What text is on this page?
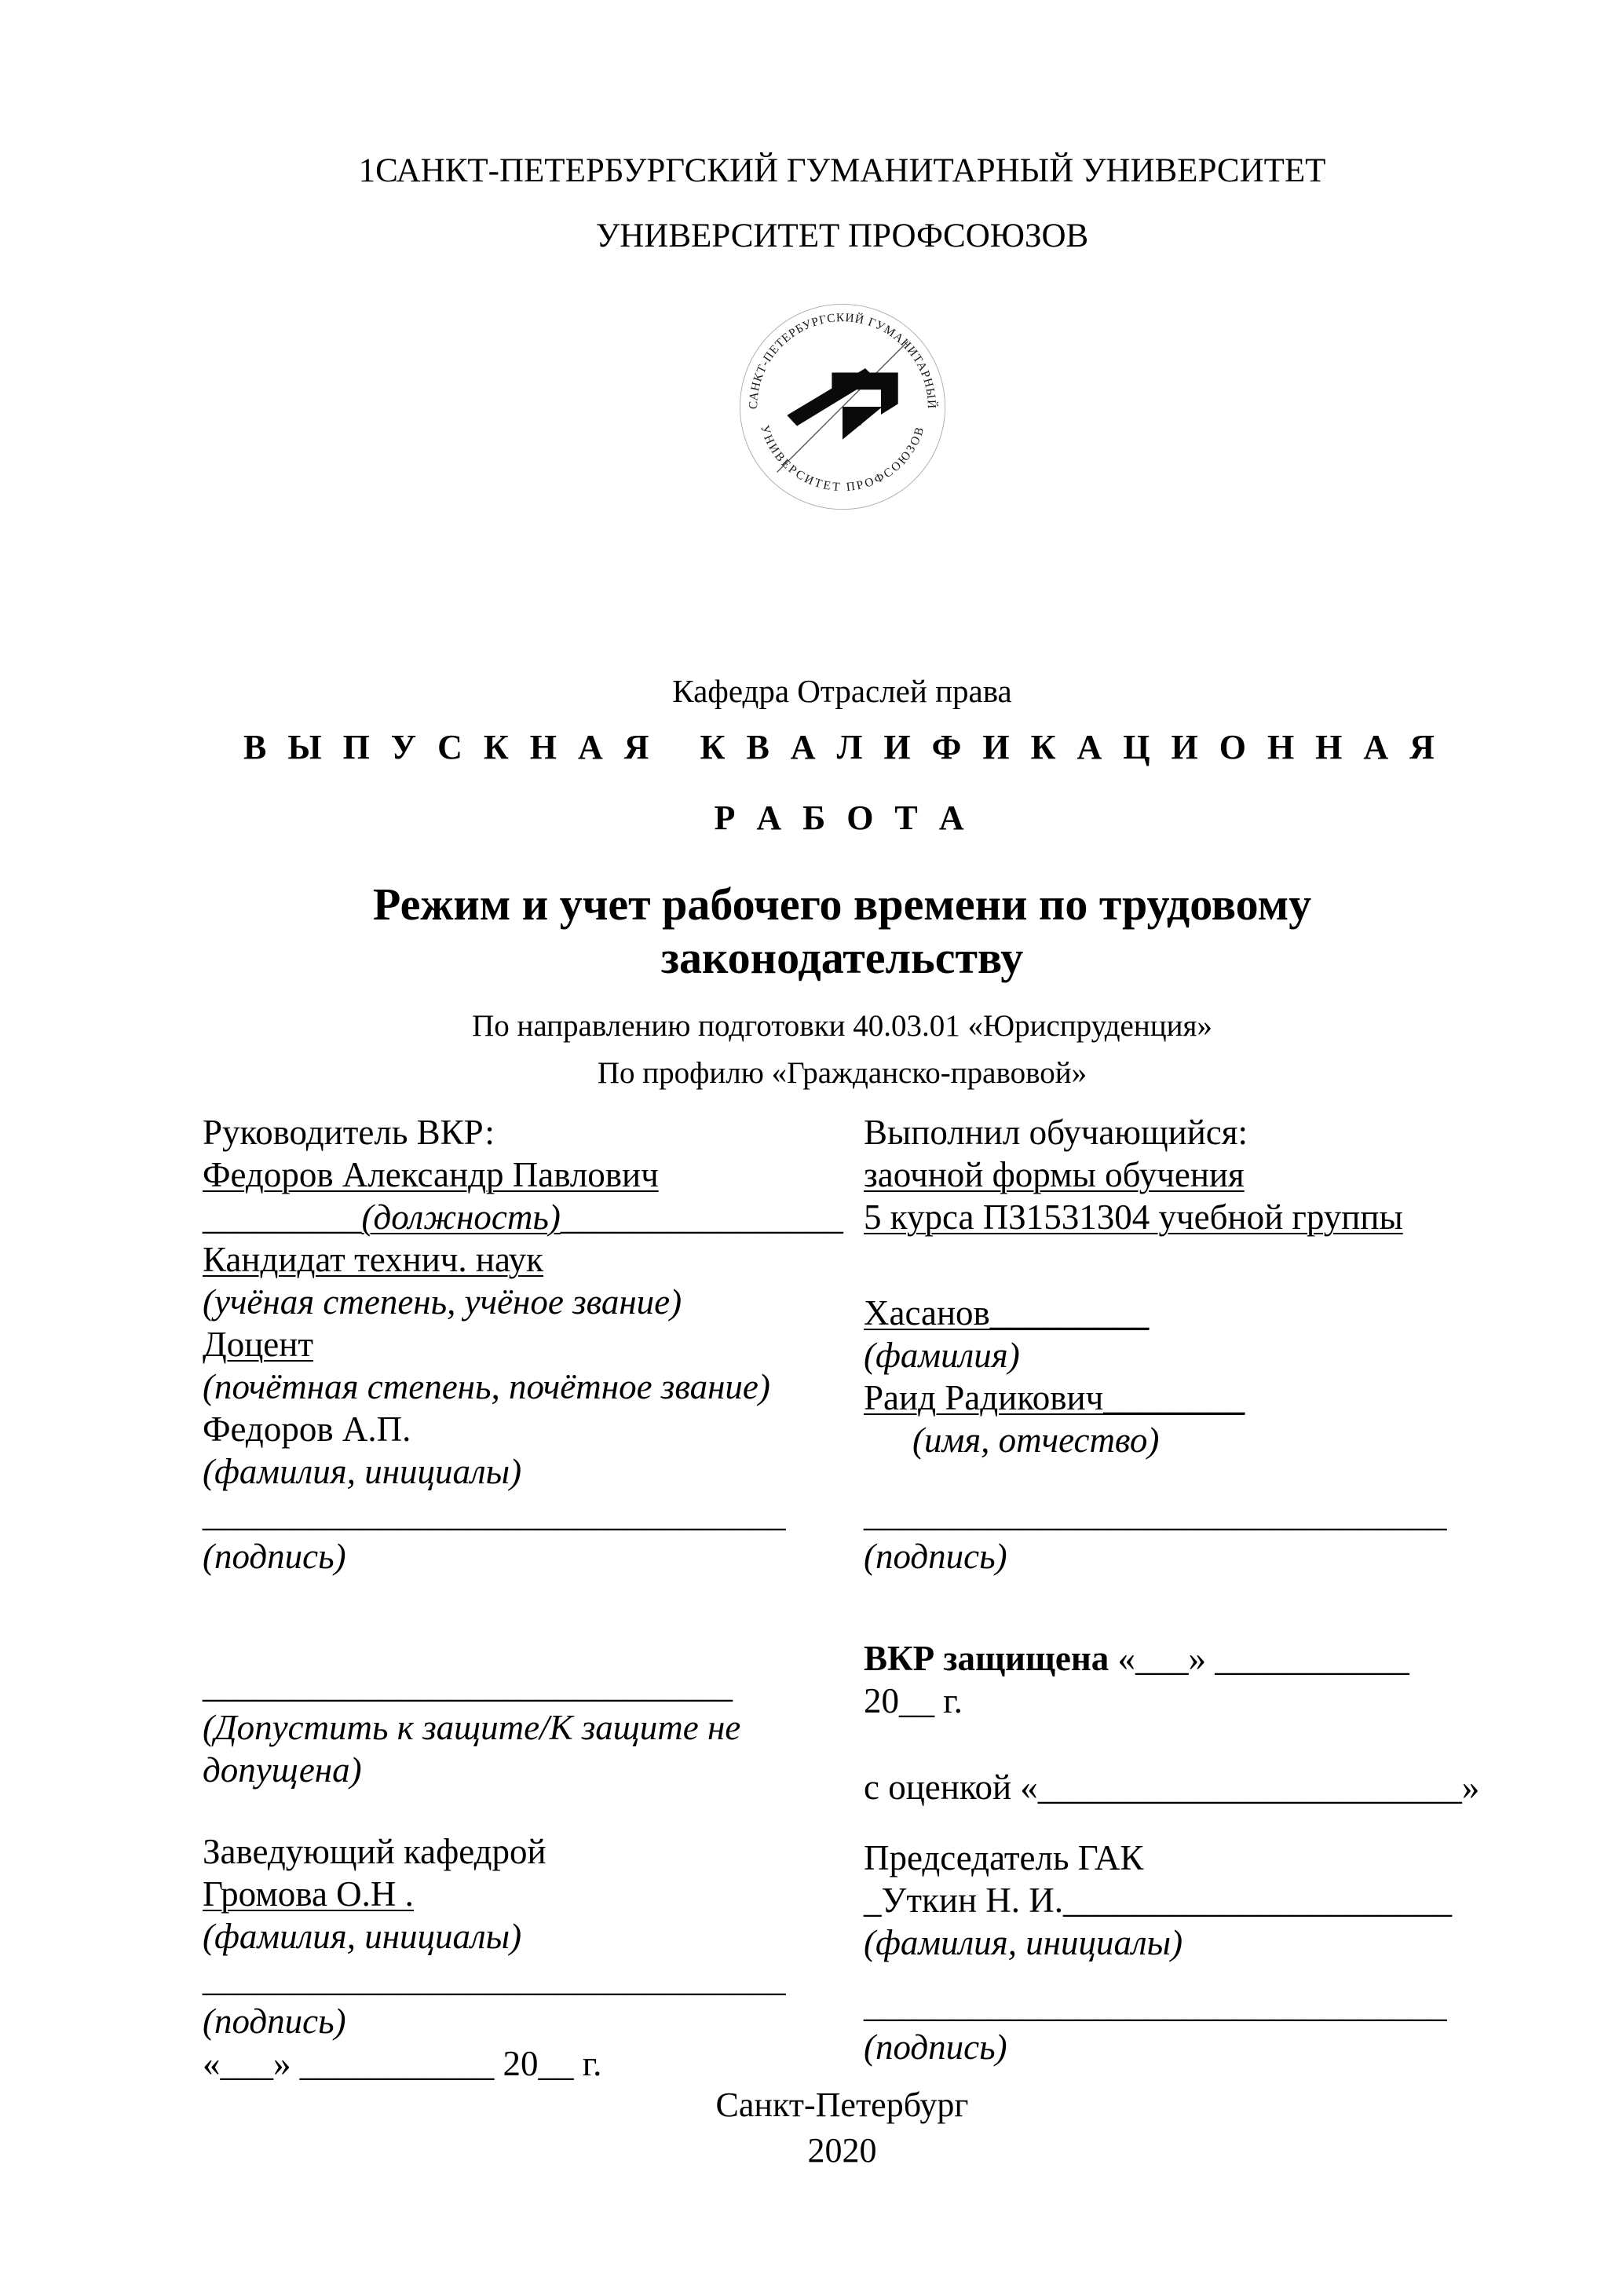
1САНКТ-ПЕТЕРБУРГСКИЙ ГУМАНИТАРНЫЙ УНИВЕРСИТЕТ
УНИВЕРСИТЕТ ПРОФСОЮЗОВ
САНКТ-ПЕТЕРБУРГСКИЙ ГУМАНИТАРНЫЙ
УНИВЕРСИТЕТ ПРОФСОЮЗОВ
Кафедра Отраслей права
В Ы П У С К Н А Я   К В А Л И Ф И К А Ц И О Н Н А Я
Р А Б О Т А
Режим и учет рабочего времени по трудовому
законодательству
По направлению подготовки 40.03.01 «Юриспруденция»
По профилю «Гражданско-правовой»

Руководитель ВКР:

Федоров Александр Павлович

_________(должность)________________

Кандидат технич. наук

(учёная степень, учёное звание)

Доцент

(почётная степень, почётное звание)

Федоров А.П.

(фамилия, инициалы)

_________________________________

(подпись)

______________________________

(Допустить к защите/К защите не допущена)

Заведующий кафедрой

Громова О.Н .

(фамилия, инициалы)

_________________________________

(подпись)

«___» ___________ 20__ г.

Выполнил обучающийся:

заочной формы обучения

5 курса ПЗ1531304 учебной группы

Хасанов_________

(фамилия)

Раид Радикович________

(имя, отчество)

_________________________________

(подпись)

ВКР защищена «___» ___________ 20__ г.

с оценкой «________________________»

Председатель ГАК

_Уткин Н. И.______________________

(фамилия, инициалы)

_________________________________

(подпись)

Санкт-Петербург
2020
